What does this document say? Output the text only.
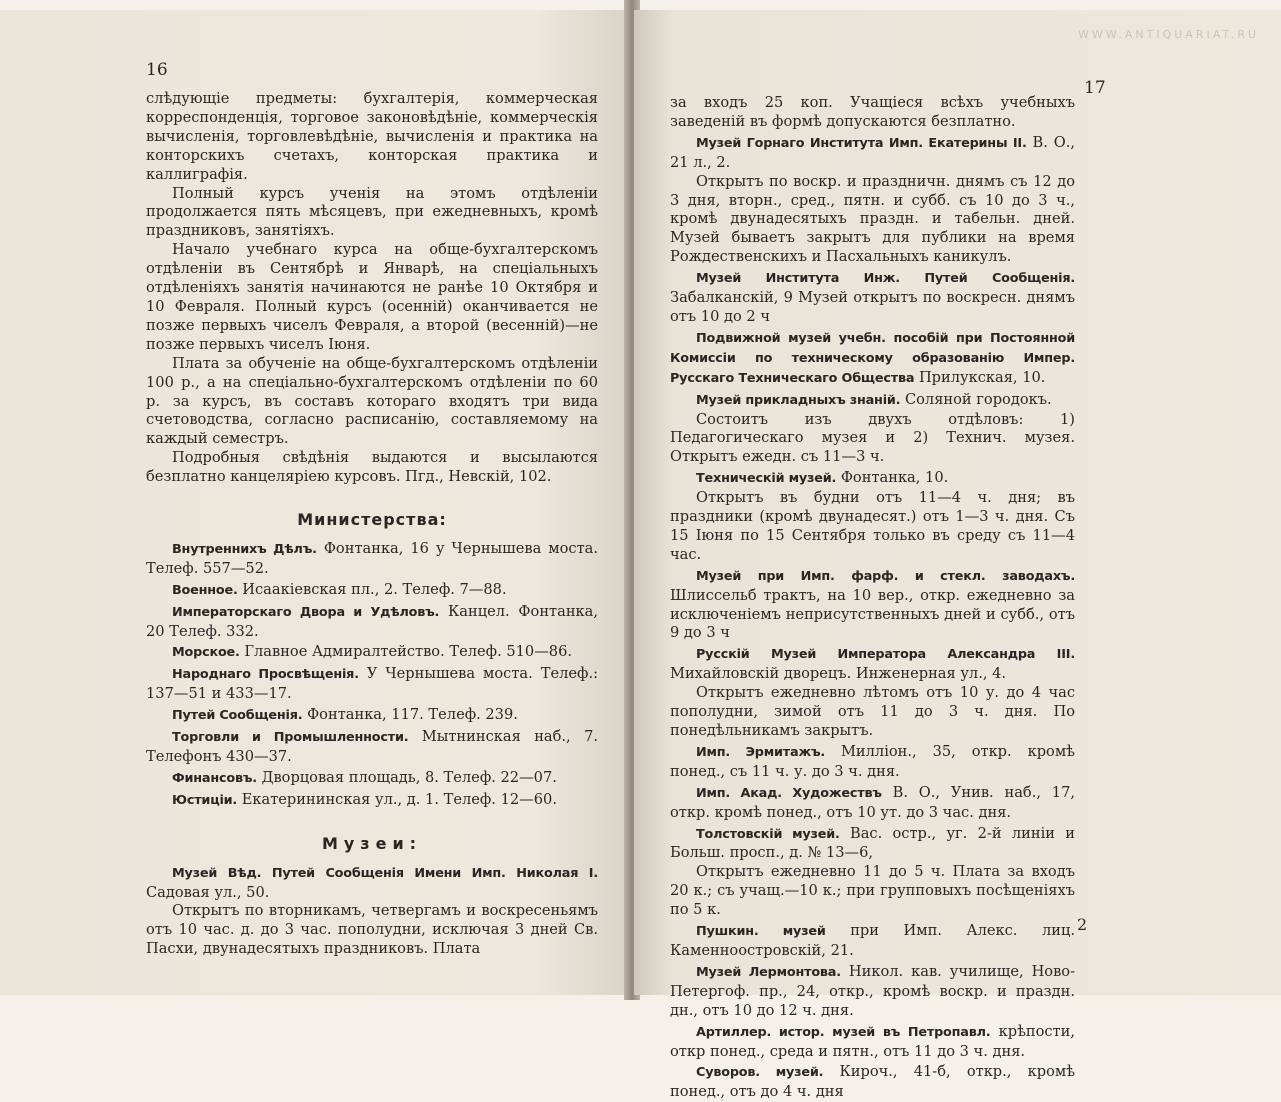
16

слѣдующіе предметы: бухгалтерія, коммерческая корреспонденція, торговое законовѣдѣніе, коммерческія вычисленія, торговлевѣдѣніе, вычисленія и практика на конторскихъ счетахъ, конторская практика и каллиграфія.

Полный курсъ ученія на этомъ отдѣленіи продолжается пять мѣсяцевъ, при ежедневныхъ, кромѣ праздниковъ, занятіяхъ.

Начало учебнаго курса на обще-бухгалтерскомъ отдѣленіи въ Сентябрѣ и Январѣ, на спеціальныхъ отдѣленіяхъ занятія начинаются не ранѣе 10 Октября и 10 Февраля. Полный курсъ (осенній) оканчивается не позже первыхъ чиселъ Февраля, а второй (весенній)—не позже первыхъ чиселъ Іюня.

Плата за обученіе на обще-бухгалтерскомъ отдѣленіи 100 р., а на спеціально-бухгалтерскомъ отдѣленіи по 60 р. за курсъ, въ составъ котораго входятъ три вида счетоводства, согласно расписанію, составляемому на каждый семестръ.

Подробныя свѣдѣнія выдаются и высылаются безплатно канцеляріею курсовъ. Пгд., Невскій, 102.

Министерства:

Внутреннихъ Дѣлъ. Фонтанка, 16 у Чернышева моста. Телеф. 557—52.

Военное. Исаакіевская пл., 2. Телеф. 7—88.

Императорскаго Двора и Удѣловъ. Канцел. Фонтанка, 20 Телеф. 332.

Морское. Главное Адмиралтейство. Телеф. 510—86.

Народнаго Просвѣщенія. У Чернышева моста. Телеф.: 137—51 и 433—17.

Путей Сообщенія. Фонтанка, 117. Телеф. 239.

Торговли и Промышленности. Мытнинская наб., 7. Телефонъ 430—37.

Финансовъ. Дворцовая площадь, 8. Телеф. 22—07.

Юстиціи. Екатерининская ул., д. 1. Телеф. 12—60.

Музеи:

Музей Вѣд. Путей Сообщенія Имени Имп. Николая I. Садовая ул., 50.

Открытъ по вторникамъ, четвергамъ и воскресеньямъ отъ 10 час. д. до 3 час. пополудни, исключая 3 дней Св. Пасхи, двунадесятыхъ праздниковъ. Плата

WWW.ANTIQUARIAT.RU
17

за входъ 25 коп. Учащіеся всѣхъ учебныхъ заведеній въ формѣ допускаются безплатно.

Музей Горнаго Института Имп. Екатерины II. В. О., 21 л., 2.

Открытъ по воскр. и праздничн. днямъ съ 12 до 3 дня, вторн., сред., пятн. и субб. съ 10 до 3 ч., кромѣ двунадесятыхъ праздн. и табельн. дней. Музей бываетъ закрытъ для публики на время Рождественскихъ и Пасхальныхъ каникулъ.

Музей Института Инж. Путей Сообщенія. Забалканскій, 9 Музей открытъ по воскресн. днямъ отъ 10 до 2 ч

Подвижной музей учебн. пособій при Постоянной Комиссіи по техническому образованію Импер. Русскаго Техническаго Общества Прилукская, 10.

Музей прикладныхъ знаній. Соляной городокъ.

Состоитъ изъ двухъ отдѣловъ: 1) Педагогическаго музея и 2) Технич. музея. Открытъ ежедн. съ 11—3 ч.

Техническій музей. Фонтанка, 10.

Открытъ въ будни отъ 11—4 ч. дня; въ праздники (кромѣ двунадесят.) отъ 1—3 ч. дня. Съ 15 Іюня по 15 Сентября только въ среду съ 11—4 час.

Музей при Имп. фарф. и стекл. заводахъ. Шлиссельб трактъ, на 10 вер., откр. ежедневно за исключеніемъ неприсутственныхъ дней и субб., отъ 9 до 3 ч

Русскій Музей Императора Александра III. Михайловскій дворецъ. Инженерная ул., 4.

Открытъ ежедневно лѣтомъ отъ 10 у. до 4 час пополудни, зимой отъ 11 до 3 ч. дня. По понедѣльникамъ закрытъ.

Имп. Эрмитажъ. Милліон., 35, откр. кромѣ понед., съ 11 ч. у. до 3 ч. дня.

Имп. Акад. Художествъ В. О., Унив. наб., 17, откр. кромѣ понед., отъ 10 ут. до 3 час. дня.

Толстовскій музей. Вас. остр., уг. 2-й линіи и Больш. просп., д. № 13—6,

Открытъ ежедневно 11 до 5 ч. Плата за входъ 20 к.; съ учащ.—10 к.; при групповыхъ посѣщеніяхъ по 5 к.

Пушкин. музей при Имп. Алекс. лиц. Каменноостровскій, 21.

Музей Лермонтова. Никол. кав. училище, Ново-Петергоф. пр., 24, откр., кромѣ воскр. и праздн. дн., отъ 10 до 12 ч. дня.

Артиллер. истор. музей въ Петропавл. крѣпости, откр понед., среда и пятн., отъ 11 до 3 ч. дня.

Суворов. музей. Кироч., 41-б, откр., кромѣ понед., отъ до 4 ч. дня

2
